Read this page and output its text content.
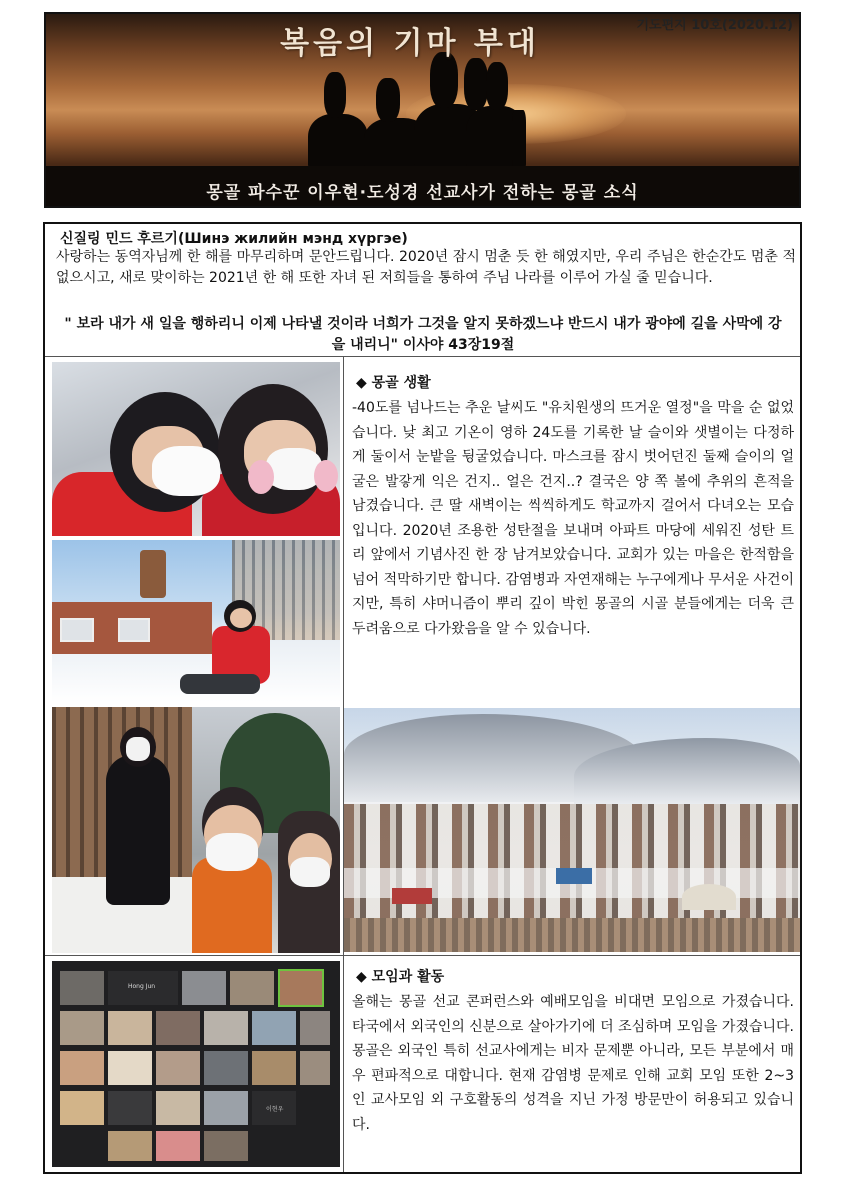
복음의 기마 부대
기도편지 10호(2020.12)
몽골 파수꾼 이우현·도성경 선교사가 전하는 몽골 소식
신질링 민드 후르기(Шинэ жилийн мэнд хүргэе)
사랑하는 동역자님께 한 해를 마무리하며 문안드립니다. 2020년 잠시 멈춘 듯 한 해였지만, 우리 주님은 한순간도 멈춘 적 없으시고, 새로 맞이하는 2021년 한 해 또한 자녀 된 저희들을 통하여 주님 나라를 이루어 가실 줄 믿습니다.
" 보라 내가 새 일을 행하리니 이제 나타낼 것이라 너희가 그것을 알지 못하겠느냐 반드시 내가 광야에 길을 사막에 강을 내리니" 이사야 43장19절
◆ 몽골 생활
-40도를 넘나드는 추운 날씨도 "유치원생의 뜨거운 열정"을 막을 순 없었습니다. 낮 최고 기온이 영하 24도를 기록한 날 슬이와 샛별이는 다정하게 둘이서 눈밭을 뒹굴었습니다. 마스크를 잠시 벗어던진 둘째 슬이의 얼굴은 발갛게 익은 건지.. 얼은 건지..? 결국은 양 쪽 볼에 추위의 흔적을 남겼습니다. 큰 딸 새벽이는 씩씩하게도 학교까지 걸어서 다녀오는 모습입니다. 2020년 조용한 성탄절을 보내며 아파트 마당에 세워진 성탄 트리 앞에서 기념사진 한 장 남겨보았습니다. 교회가 있는 마을은 한적함을 넘어 적막하기만 합니다. 감염병과 자연재해는 누구에게나 무서운 사건이지만, 특히 샤머니즘이 뿌리 깊이 박힌 몽골의 시골 분들에게는 더욱 큰 두려움으로 다가왔음을 알 수 있습니다.
Hong Jun
이현우
◆ 모임과 활동
올해는 몽골 선교 콘퍼런스와 예배모임을 비대면 모임으로 가졌습니다. 타국에서 외국인의 신분으로 살아가기에 더 조심하며 모임을 가졌습니다. 몽골은 외국인 특히 선교사에게는 비자 문제뿐 아니라, 모든 부분에서 매우 편파적으로 대합니다. 현재 감염병 문제로 인해 교회 모임 또한 2~3인 교사모임 외 구호활동의 성격을 지닌 가정 방문만이 허용되고 있습니다.
